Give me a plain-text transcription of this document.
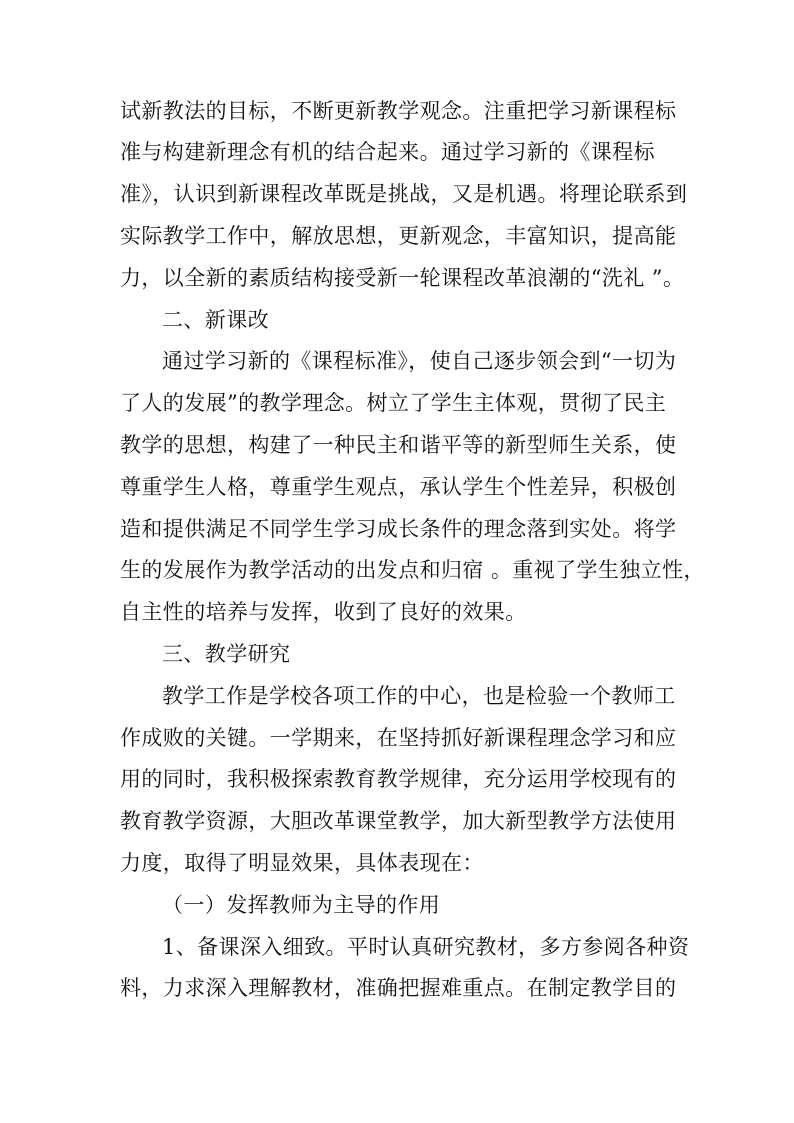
试新教法的目标，不断更新教学观念。注重把学习新课程标
准与构建新理念有机的结合起来。通过学习新的《课程标
准》，认识到新课程改革既是挑战，又是机遇。将理论联系到
实际教学工作中，解放思想，更新观念，丰富知识，提高能
力，以全新的素质结构接受新一轮课程改革浪潮的“洗礼 ”。
二、新课改
通过学习新的《课程标准》，使自己逐步领会到“一切为
了人的发展”的教学理念。树立了学生主体观，贯彻了民主
教学的思想，构建了一种民主和谐平等的新型师生关系，使
尊重学生人格，尊重学生观点，承认学生个性差异，积极创
造和提供满足不同学生学习成长条件的理念落到实处。将学
生的发展作为教学活动的出发点和归宿 。重视了学生独立性，
自主性的培养与发挥，收到了良好的效果。
三、教学研究
教学工作是学校各项工作的中心，也是检验一个教师工
作成败的关键。一学期来，在坚持抓好新课程理念学习和应
用的同时，我积极探索教育教学规律，充分运用学校现有的
教育教学资源，大胆改革课堂教学，加大新型教学方法使用
力度，取得了明显效果，具体表现在：
（一）发挥教师为主导的作用
1、备课深入细致。平时认真研究教材，多方参阅各种资
料，力求深入理解教材，准确把握难重点。在制定教学目的
